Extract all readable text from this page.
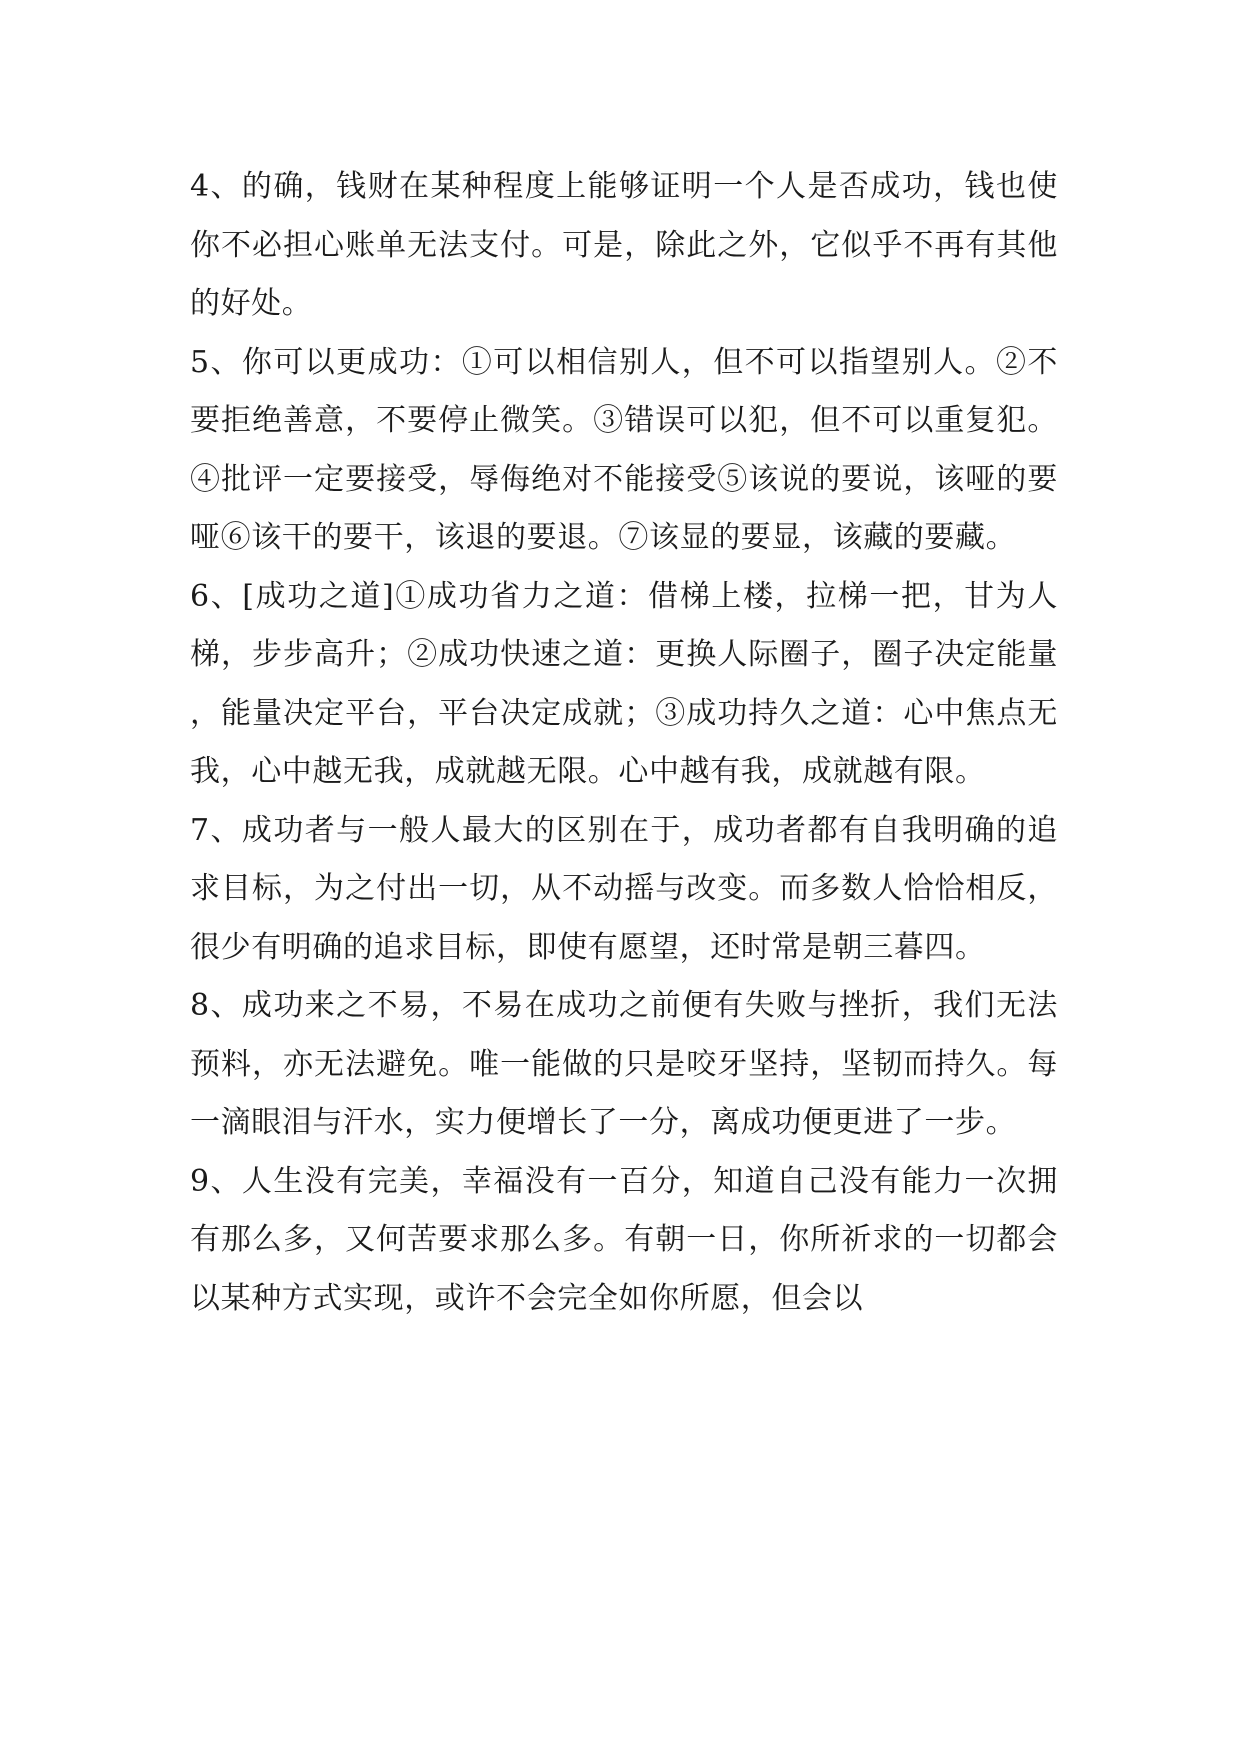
4、的确，钱财在某种程度上能够证明一个人是否成功，钱也使你不必担心账单无法支付。可是，除此之外，它似乎不再有其他的好处。

5、你可以更成功：①可以相信别人，但不可以指望别人。②不要拒绝善意，不要停止微笑。③错误可以犯，但不可以重复犯。④批评一定要接受，辱侮绝对不能接受⑤该说的要说，该哑的要哑⑥该干的要干，该退的要退。⑦该显的要显，该藏的要藏。

6、[成功之道]①成功省力之道：借梯上楼，拉梯一把，甘为人梯，步步高升；②成功快速之道：更换人际圈子，圈子决定能量，能量决定平台，平台决定成就；③成功持久之道：心中焦点无我，心中越无我，成就越无限。心中越有我，成就越有限。

7、成功者与一般人最大的区别在于，成功者都有自我明确的追求目标，为之付出一切，从不动摇与改变。而多数人恰恰相反，很少有明确的追求目标，即使有愿望，还时常是朝三暮四。

8、成功来之不易，不易在成功之前便有失败与挫折，我们无法预料，亦无法避免。唯一能做的只是咬牙坚持，坚韧而持久。每一滴眼泪与汗水，实力便增长了一分，离成功便更进了一步。

9、人生没有完美，幸福没有一百分，知道自己没有能力一次拥有那么多，又何苦要求那么多。有朝一日，你所祈求的一切都会以某种方式实现，或许不会完全如你所愿，但会以
